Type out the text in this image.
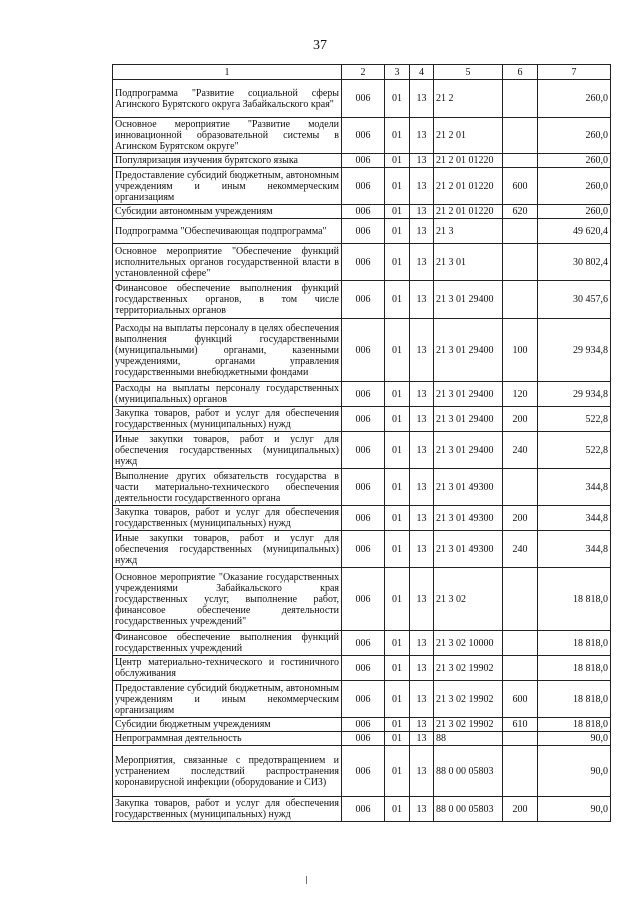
37
1	2	3	4	5	6	7
Подпрограмма "Развитие социальной сферы Агинского Бурятского округа Забайкальского края"	006	01	13	21 2		260,0
Основное мероприятие "Развитие модели инновационной образовательной системы в Агинском Бурятском округе"	006	01	13	21 2 01		260,0
Популяризация изучения бурятского языка	006	01	13	21 2 01 01220		260,0
Предоставление субсидий бюджетным, автономным учреждениям и иным некоммерческим организациям	006	01	13	21 2 01 01220	600	260,0
Субсидии автономным учреждениям	006	01	13	21 2 01 01220	620	260,0
Подпрограмма "Обеспечивающая подпрограмма"	006	01	13	21 3		49 620,4
Основное мероприятие "Обеспечение функций исполнительных органов государственной власти в установленной сфере"	006	01	13	21 3 01		30 802,4
Финансовое обеспечение выполнения функций государственных органов, в том числе территориальных органов	006	01	13	21 3 01 29400		30 457,6
Расходы на выплаты персоналу в целях обеспечения выполнения функций государственными (муниципальными) органами, казенными учреждениями, органами управления государственными внебюджетными фондами	006	01	13	21 3 01 29400	100	29 934,8
Расходы на выплаты персоналу государственных (муниципальных) органов	006	01	13	21 3 01 29400	120	29 934,8
Закупка товаров, работ и услуг для обеспечения государственных (муниципальных) нужд	006	01	13	21 3 01 29400	200	522,8
Иные закупки товаров, работ и услуг для обеспечения государственных (муниципальных) нужд	006	01	13	21 3 01 29400	240	522,8
Выполнение других обязательств государства в части материально-технического обеспечения деятельности государственного органа	006	01	13	21 3 01 49300		344,8
Закупка товаров, работ и услуг для обеспечения государственных (муниципальных) нужд	006	01	13	21 3 01 49300	200	344,8
Иные закупки товаров, работ и услуг для обеспечения государственных (муниципальных) нужд	006	01	13	21 3 01 49300	240	344,8
Основное мероприятие "Оказание государственных учреждениями Забайкальского края государственных услуг, выполнение работ, финансовое обеспечение деятельности государственных учреждений"	006	01	13	21 3 02		18 818,0
Финансовое обеспечение выполнения функций государственных учреждений	006	01	13	21 3 02 10000		18 818,0
Центр материально-технического и гостиничного обслуживания	006	01	13	21 3 02 19902		18 818,0
Предоставление субсидий бюджетным, автономным учреждениям и иным некоммерческим организациям	006	01	13	21 3 02 19902	600	18 818,0
Субсидии бюджетным учреждениям	006	01	13	21 3 02 19902	610	18 818,0
Непрограммная деятельность	006	01	13	88		90,0
Мероприятия, связанные с предотвращением и устранением последствий распространения коронавирусной инфекции (оборудование и СИЗ)	006	01	13	88 0 00 05803		90,0
Закупка товаров, работ и услуг для обеспечения государственных (муниципальных) нужд	006	01	13	88 0 00 05803	200	90,0
